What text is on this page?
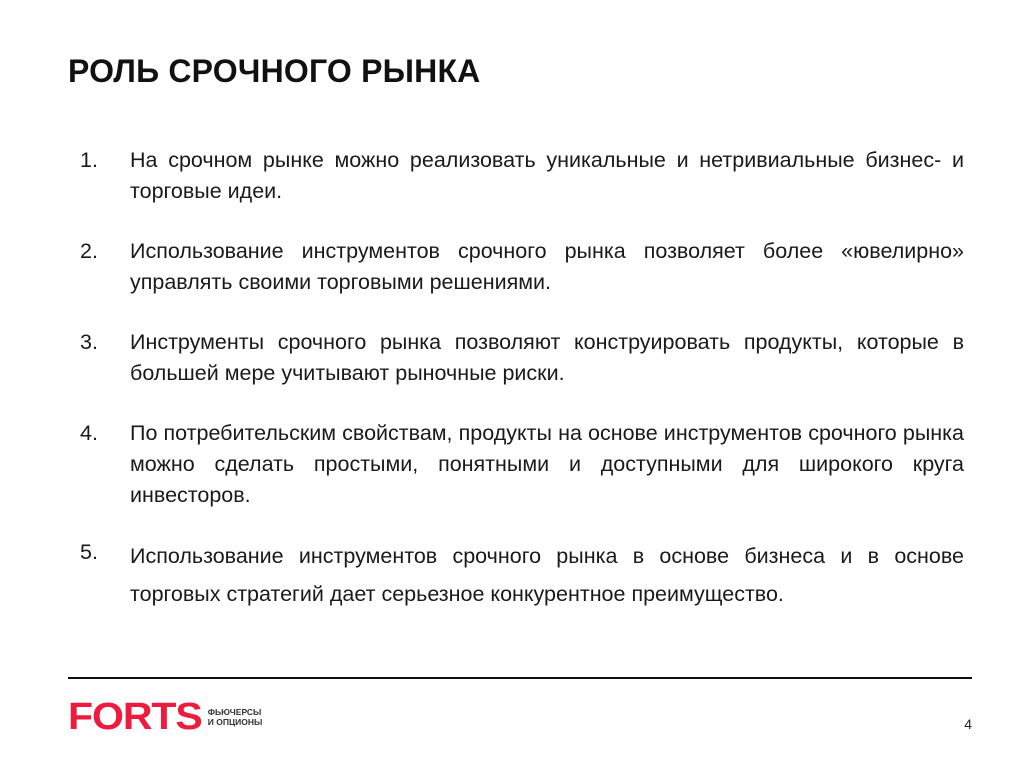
РОЛЬ СРОЧНОГО РЫНКА
1. На срочном рынке можно реализовать уникальные и нетривиальные бизнес- и торговые идеи.
2. Использование инструментов срочного рынка позволяет более «ювелирно» управлять своими торговыми решениями.
3. Инструменты срочного рынка позволяют конструировать продукты, которые в большей мере учитывают рыночные риски.
4. По потребительским свойствам, продукты на основе инструментов срочного рынка можно сделать простыми, понятными и доступными для широкого круга инвесторов.
5. Использование инструментов срочного рынка в основе бизнеса и в основе торговых стратегий дает серьезное конкурентное преимущество.
FORTS ФЬЮЧЕРСЫ
И ОПЦИОНЫ	4
